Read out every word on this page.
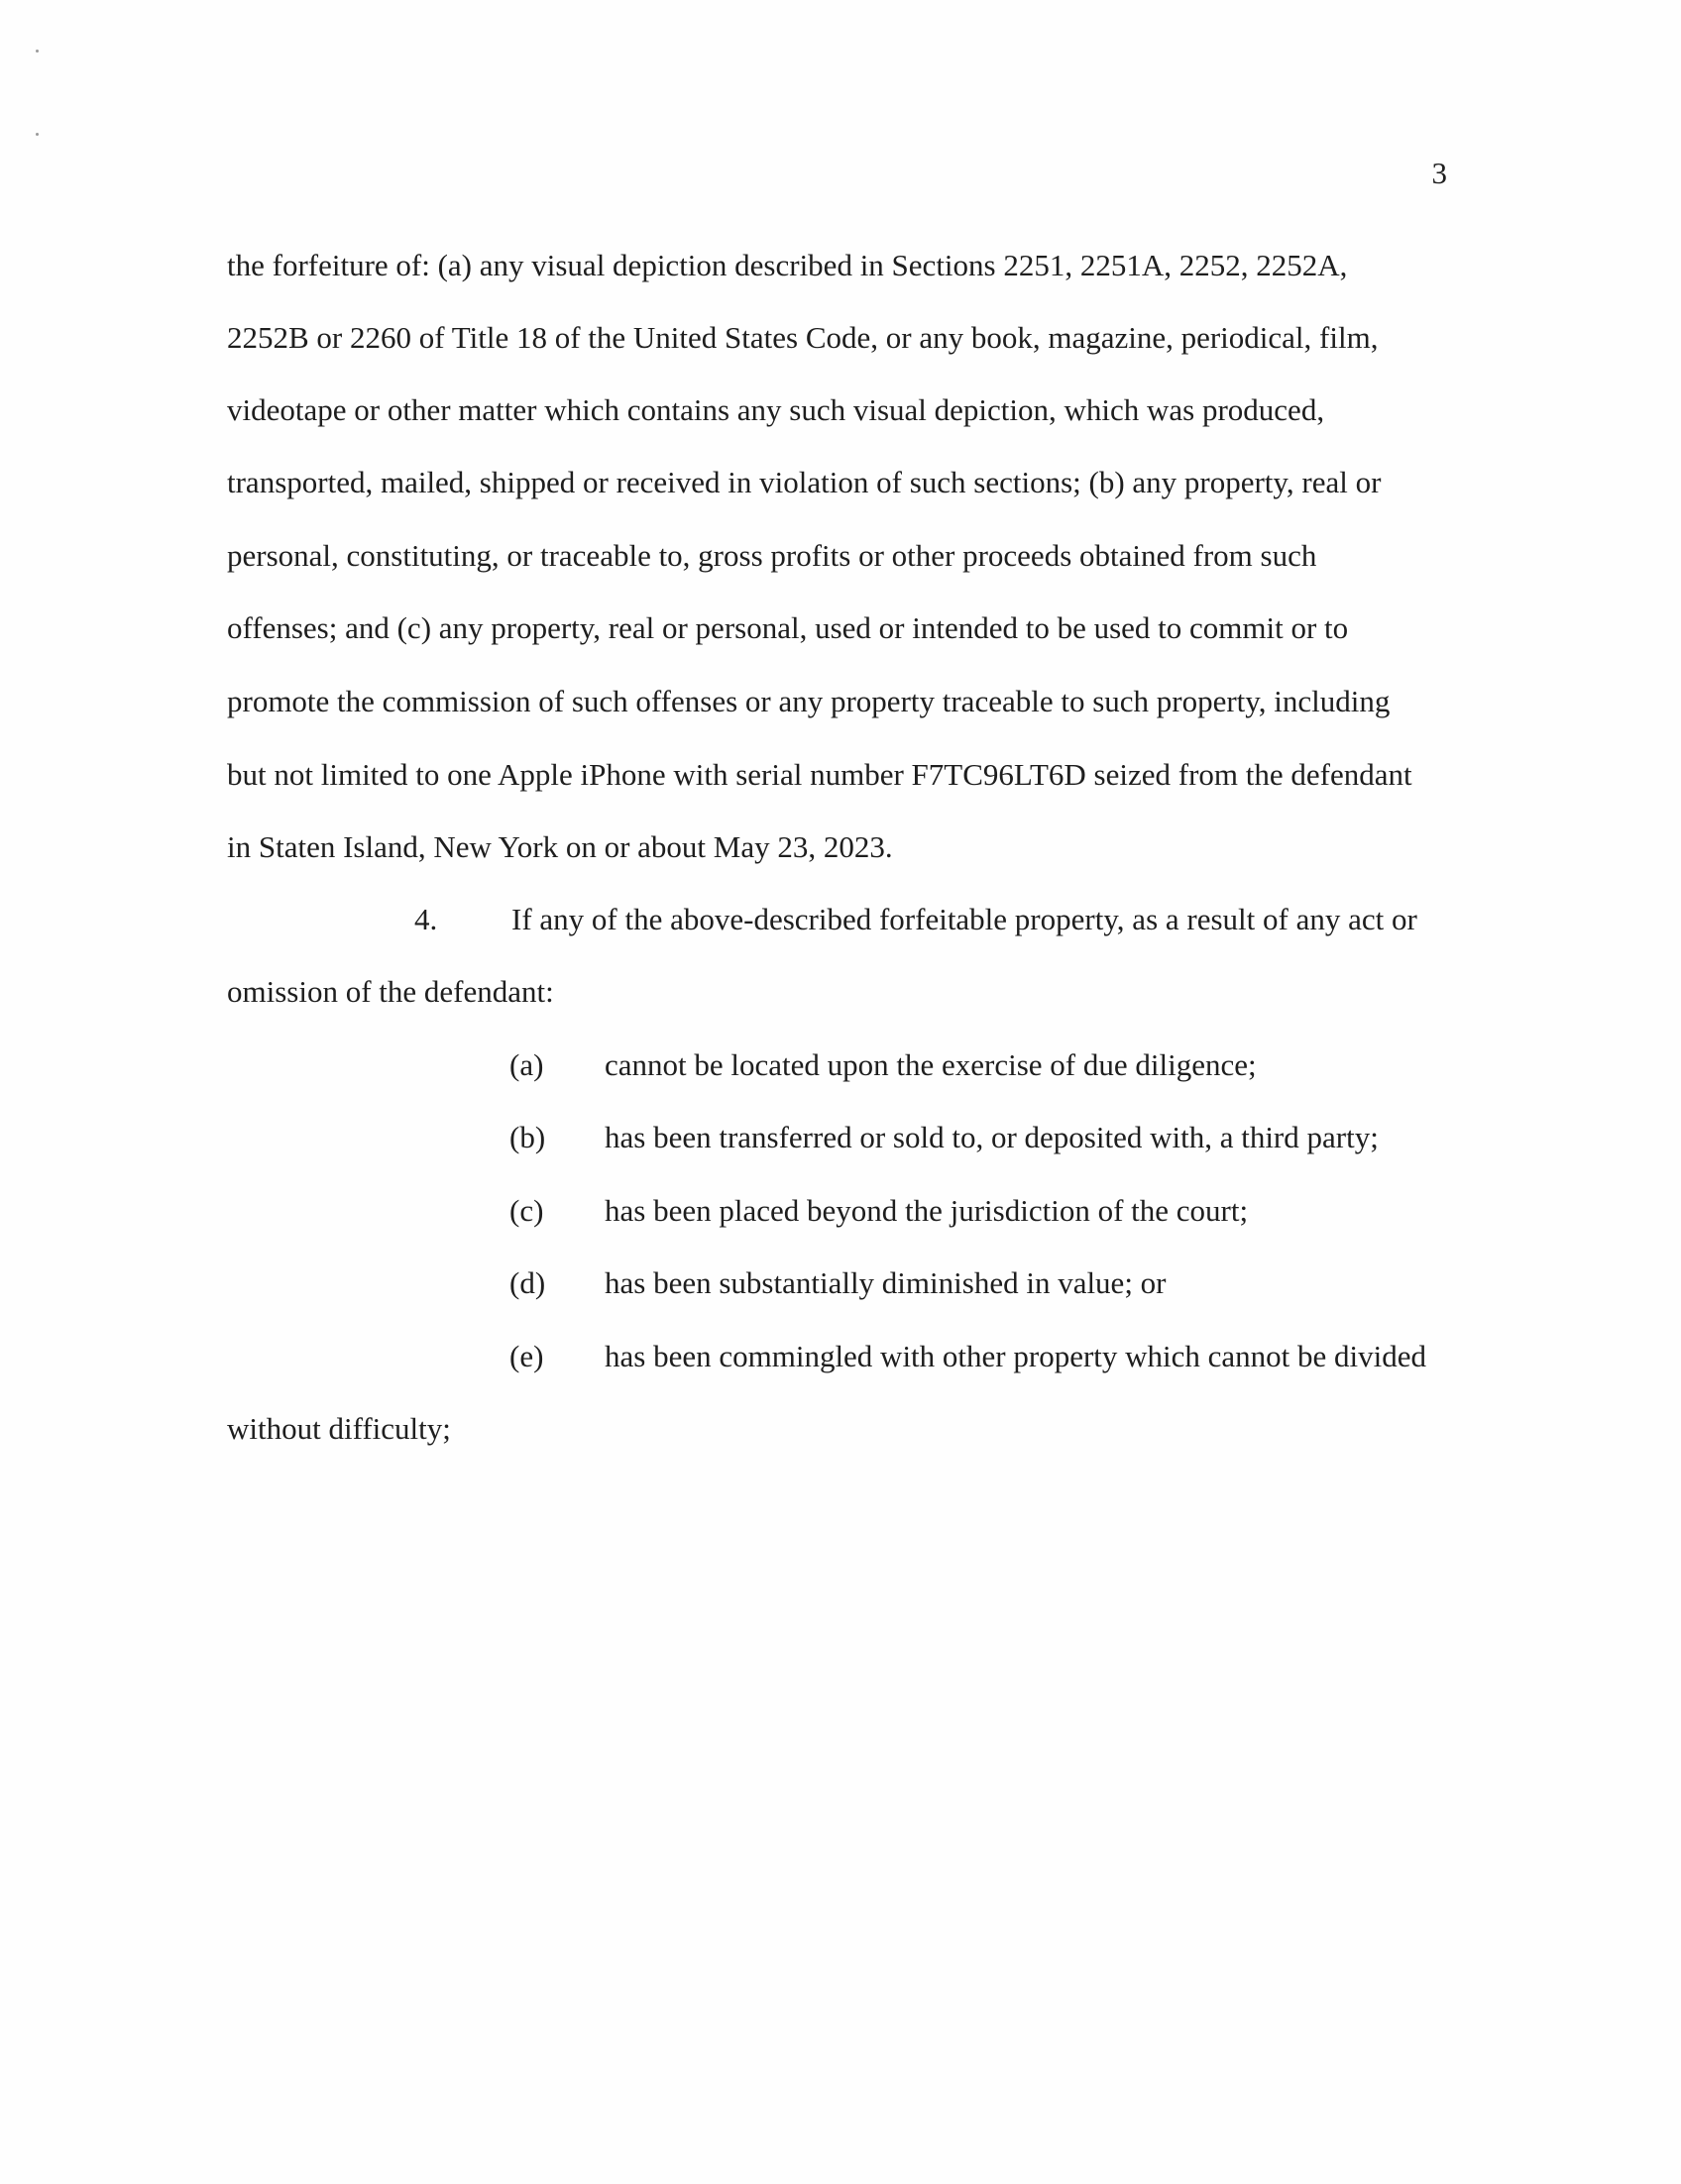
3
the forfeiture of: (a) any visual depiction described in Sections 2251, 2251A, 2252, 2252A,
2252B or 2260 of Title 18 of the United States Code, or any book, magazine, periodical, film,
videotape or other matter which contains any such visual depiction, which was produced,
transported, mailed, shipped or received in violation of such sections; (b) any property, real or
personal, constituting, or traceable to, gross profits or other proceeds obtained from such
offenses; and (c) any property, real or personal, used or intended to be used to commit or to
promote the commission of such offenses or any property traceable to such property, including
but not limited to one Apple iPhone with serial number F7TC96LT6D seized from the defendant
in Staten Island, New York on or about May 23, 2023.
4. If any of the above-described forfeitable property, as a result of any act or
omission of the defendant:
(a)	cannot be located upon the exercise of due diligence;
(b)	has been transferred or sold to, or deposited with, a third party;
(c)	has been placed beyond the jurisdiction of the court;
(d)	has been substantially diminished in value; or
(e)	has been commingled with other property which cannot be divided
without difficulty;
